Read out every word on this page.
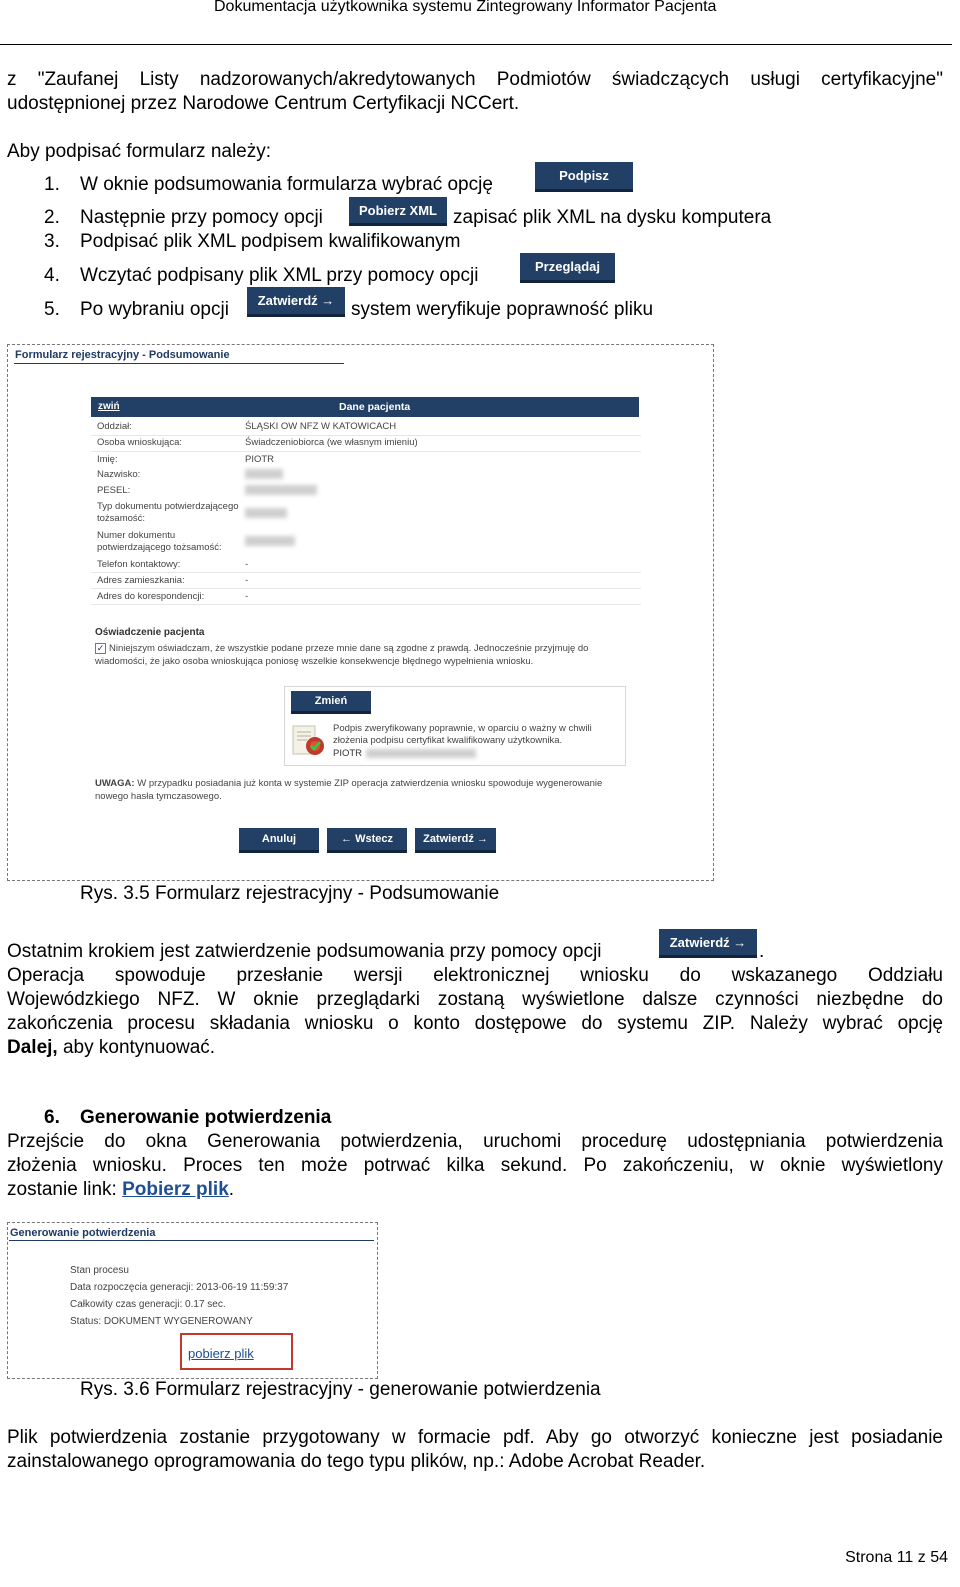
Dokumentacja użytkownika systemu Zintegrowany Informator Pacjenta
z "Zaufanej Listy nadzorowanych/akredytowanych Podmiotów świadczących usługi certyfikacyjne"
udostępnionej przez Narodowe Centrum Certyfikacji NCCert.
Aby podpisać formularz należy:
1. W oknie podsumowania formularza wybrać opcję	Podpisz
2. Następnie przy pomocy opcji	Pobierz XML zapisać plik XML na dysku komputera
3. Podpisać plik XML podpisem kwalifikowanym
4. Wczytać podpisany plik XML przy pomocy opcji	Przeglądaj
5. Po wybraniu opcji	Zatwierdź → system weryfikuje poprawność pliku
Formularz rejestracyjny - Podsumowanie
zwiń	Dane pacjenta
Oddział:	ŚLĄSKI OW NFZ W KATOWICACH
Osoba wnioskująca:	Świadczeniobiorca (we własnym imieniu)
Imię:	PIOTR
Nazwisko:
PESEL:
Typ dokumentu potwierdzającego tożsamość:
Numer dokumentu potwierdzającego tożsamość:
Telefon kontaktowy:	-
Adres zamieszkania:	-
Adres do korespondencji:	-
Oświadczenie pacjenta
✓ Niniejszym oświadczam, że wszystkie podane przeze mnie dane są zgodne z prawdą. Jednocześnie przyjmuję do wiadomości, że jako osoba wnioskująca poniosę wszelkie konsekwencje błędnego wypełnienia wniosku.
Zmień
Podpis zweryfikowany poprawnie, w oparciu o ważny w chwili złożenia podpisu certyfikat kwalifikowany użytkownika.
PIOTR
UWAGA: W przypadku posiadania już konta w systemie ZIP operacja zatwierdzenia wniosku spowoduje wygenerowanie nowego hasła tymczasowego.
Anuluj	← Wstecz	Zatwierdź →
Rys. 3.5 Formularz rejestracyjny - Podsumowanie
Ostatnim krokiem jest zatwierdzenie podsumowania przy pomocy opcji	Zatwierdź → .
Operacja spowoduje przesłanie wersji elektronicznej wniosku do wskazanego Oddziału
Wojewódzkiego NFZ. W oknie przeglądarki zostaną wyświetlone dalsze czynności niezbędne do
zakończenia procesu składania wniosku o konto dostępowe do systemu ZIP. Należy wybrać opcję
Dalej, aby kontynuować.
6. Generowanie potwierdzenia
Przejście do okna Generowania potwierdzenia, uruchomi procedurę udostępniania potwierdzenia
złożenia wniosku. Proces ten może potrwać kilka sekund. Po zakończeniu, w oknie wyświetlony
zostanie link: Pobierz plik.
Generowanie potwierdzenia
Stan procesu
Data rozpoczęcia generacji: 2013-06-19 11:59:37
Całkowity czas generacji: 0.17 sec.
Status: DOKUMENT WYGENEROWANY
pobierz plik
Rys. 3.6 Formularz rejestracyjny - generowanie potwierdzenia
Plik potwierdzenia zostanie przygotowany w formacie pdf. Aby go otworzyć konieczne jest posiadanie
zainstalowanego oprogramowania do tego typu plików, np.: Adobe Acrobat Reader.
Strona 11 z 54
